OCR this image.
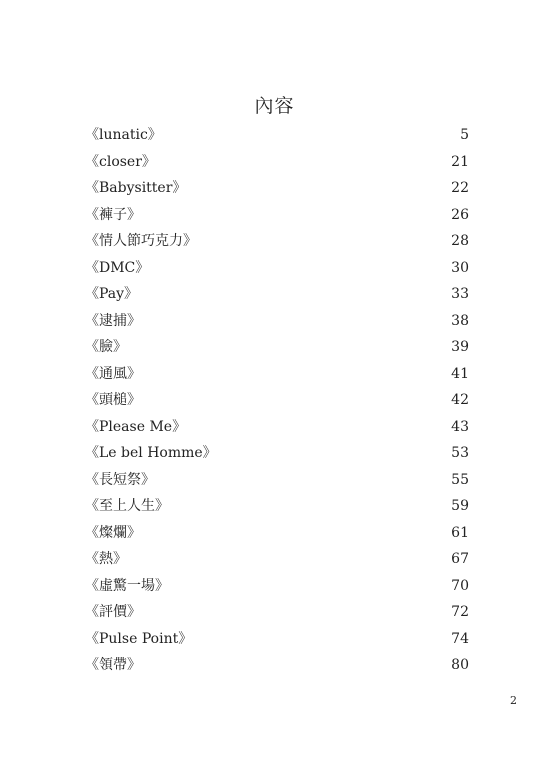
內容
《lunatic》	5
《closer》	21
《Babysitter》	22
《褲子》	26
《情人節巧克力》	28
《DMC》	30
《Pay》	33
《逮捕》	38
《臉》	39
《通風》	41
《頭槌》	42
《Please Me》	43
《Le bel Homme》	53
《長短祭》	55
《至上人生》	59
《燦爛》	61
《熱》	67
《虛驚一場》	70
《評價》	72
《Pulse Point》	74
《領帶》	80
2
